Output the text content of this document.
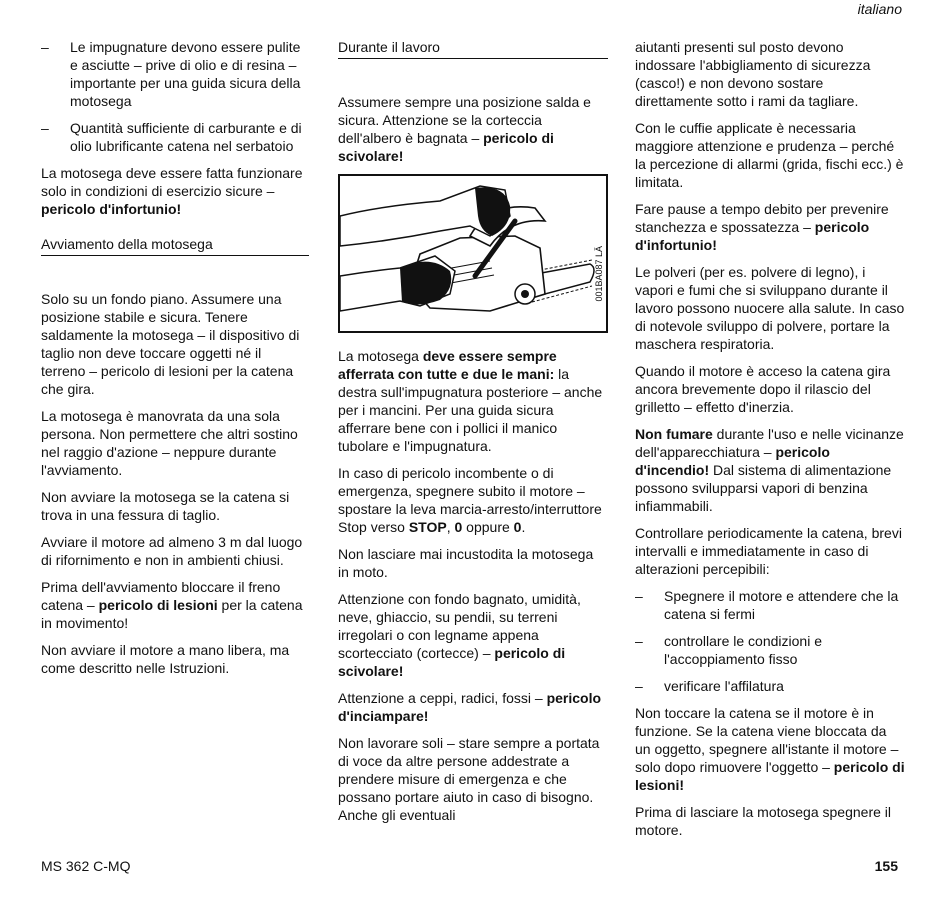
italiano
–	Le impugnature devono essere pulite e asciutte – prive di olio e di resina – importante per una guida sicura della motosega
–	Quantità sufficiente di carburante e di olio lubrificante catena nel serbatoio

La motosega deve essere fatta funzionare solo in condizioni di esercizio sicure – pericolo d'infortunio!

Avviamento della motosega

Solo su un fondo piano. Assumere una posizione stabile e sicura. Tenere saldamente la motosega – il dispositivo di taglio non deve toccare oggetti né il terreno – pericolo di lesioni per la catena che gira.

La motosega è manovrata da una sola persona. Non permettere che altri sostino nel raggio d'azione – neppure durante l'avviamento.

Non avviare la motosega se la catena si trova in una fessura di taglio.

Avviare il motore ad almeno 3 m dal luogo di rifornimento e non in ambienti chiusi.

Prima dell'avviamento bloccare il freno catena – pericolo di lesioni per la catena in movimento!

Non avviare il motore a mano libera, ma come descritto nelle Istruzioni.

Durante il lavoro

Assumere sempre una posizione salda e sicura. Attenzione se la corteccia dell'albero è bagnata – pericolo di scivolare!

001BA087 LÄ

La motosega deve essere sempre afferrata con tutte e due le mani: la destra sull'impugnatura posteriore – anche per i mancini. Per una guida sicura afferrare bene con i pollici il manico tubolare e l'impugnatura.

In caso di pericolo incombente o di emergenza, spegnere subito il motore – spostare la leva marcia-arresto/interruttore Stop verso STOP, 0 oppure 0.

Non lasciare mai incustodita la motosega in moto.

Attenzione con fondo bagnato, umidità, neve, ghiaccio, su pendii, su terreni irregolari o con legname appena scortecciato (cortecce) – pericolo di scivolare!

Attenzione a ceppi, radici, fossi – pericolo d'inciampare!

Non lavorare soli – stare sempre a portata di voce da altre persone addestrate a prendere misure di emergenza e che possano portare aiuto in caso di bisogno. Anche gli eventuali

aiutanti presenti sul posto devono indossare l'abbigliamento di sicurezza (casco!) e non devono sostare direttamente sotto i rami da tagliare.

Con le cuffie applicate è necessaria maggiore attenzione e prudenza – perché la percezione di allarmi (grida, fischi ecc.) è limitata.

Fare pause a tempo debito per prevenire stanchezza e spossatezza – pericolo d'infortunio!

Le polveri (per es. polvere di legno), i vapori e fumi che si sviluppano durante il lavoro possono nuocere alla salute. In caso di notevole sviluppo di polvere, portare la maschera respiratoria.

Quando il motore è acceso la catena gira ancora brevemente dopo il rilascio del grilletto – effetto d'inerzia.

Non fumare durante l'uso e nelle vicinanze dell'apparecchiatura – pericolo d'incendio! Dal sistema di alimentazione possono svilupparsi vapori di benzina infiammabili.

Controllare periodicamente la catena, brevi intervalli e immediatamente in caso di alterazioni percepibili:

–	Spegnere il motore e attendere che la catena si fermi
–	controllare le condizioni e l'accoppiamento fisso
–	verificare l'affilatura

Non toccare la catena se il motore è in funzione. Se la catena viene bloccata da un oggetto, spegnere all'istante il motore – solo dopo rimuovere l'oggetto – pericolo di lesioni!

Prima di lasciare la motosega spegnere il motore.

MS 362 C-MQ	155
